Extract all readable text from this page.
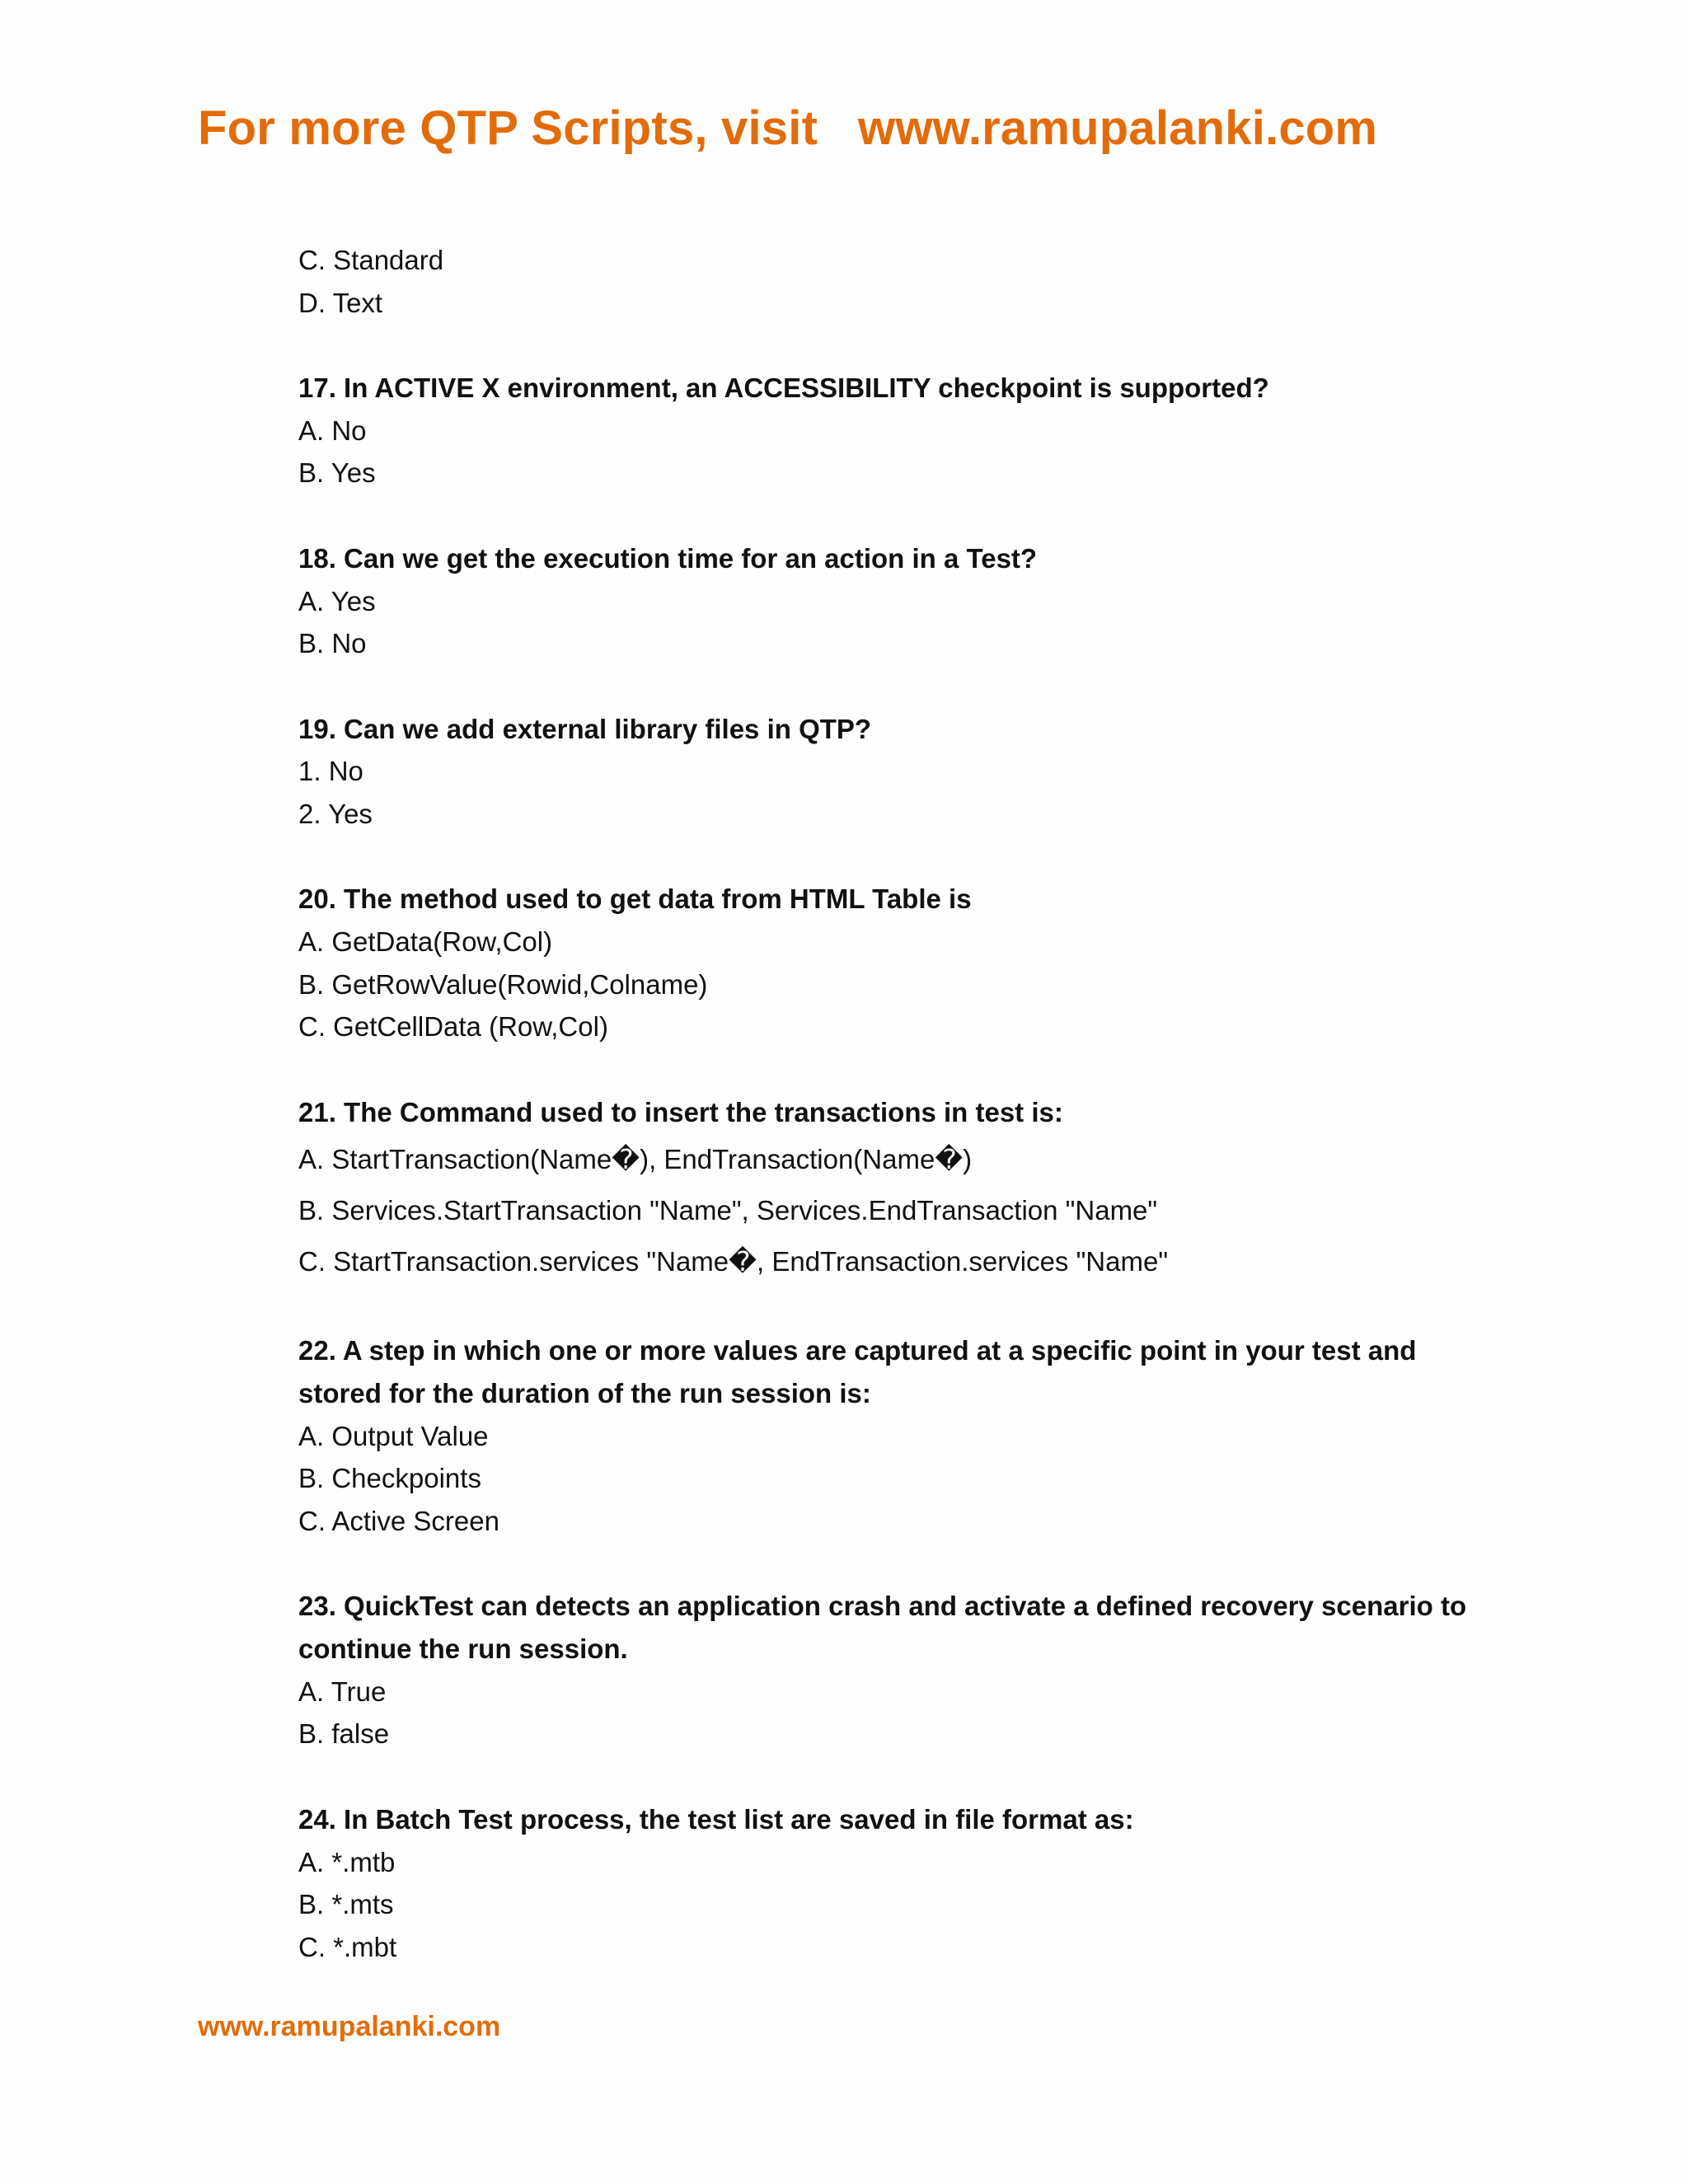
For more QTP Scripts, visit   www.ramupalanki.com
C. Standard
D. Text
17. In ACTIVE X environment, an ACCESSIBILITY checkpoint is supported?
A. No
B. Yes
18. Can we get the execution time for an action in a Test?
A. Yes
B. No
19. Can we add external library files in QTP?
1. No
2. Yes
20. The method used to get data from HTML Table is
A. GetData(Row,Col)
B. GetRowValue(Rowid,Colname)
C. GetCellData (Row,Col)
21. The Command used to insert the transactions in test is:
A. StartTransaction(Name�), EndTransaction(Name�)
B. Services.StartTransaction "Name", Services.EndTransaction "Name"
C. StartTransaction.services "Name�, EndTransaction.services "Name"
22. A step in which one or more values are captured at a specific point in your test and stored for the duration of the run session is:
A. Output Value
B. Checkpoints
C. Active Screen
23. QuickTest can detects an application crash and activate a defined recovery scenario to continue the run session.
A. True
B. false
24. In Batch Test process, the test list are saved in file format as:
A. *.mtb
B. *.mts
C. *.mbt
www.ramupalanki.com
